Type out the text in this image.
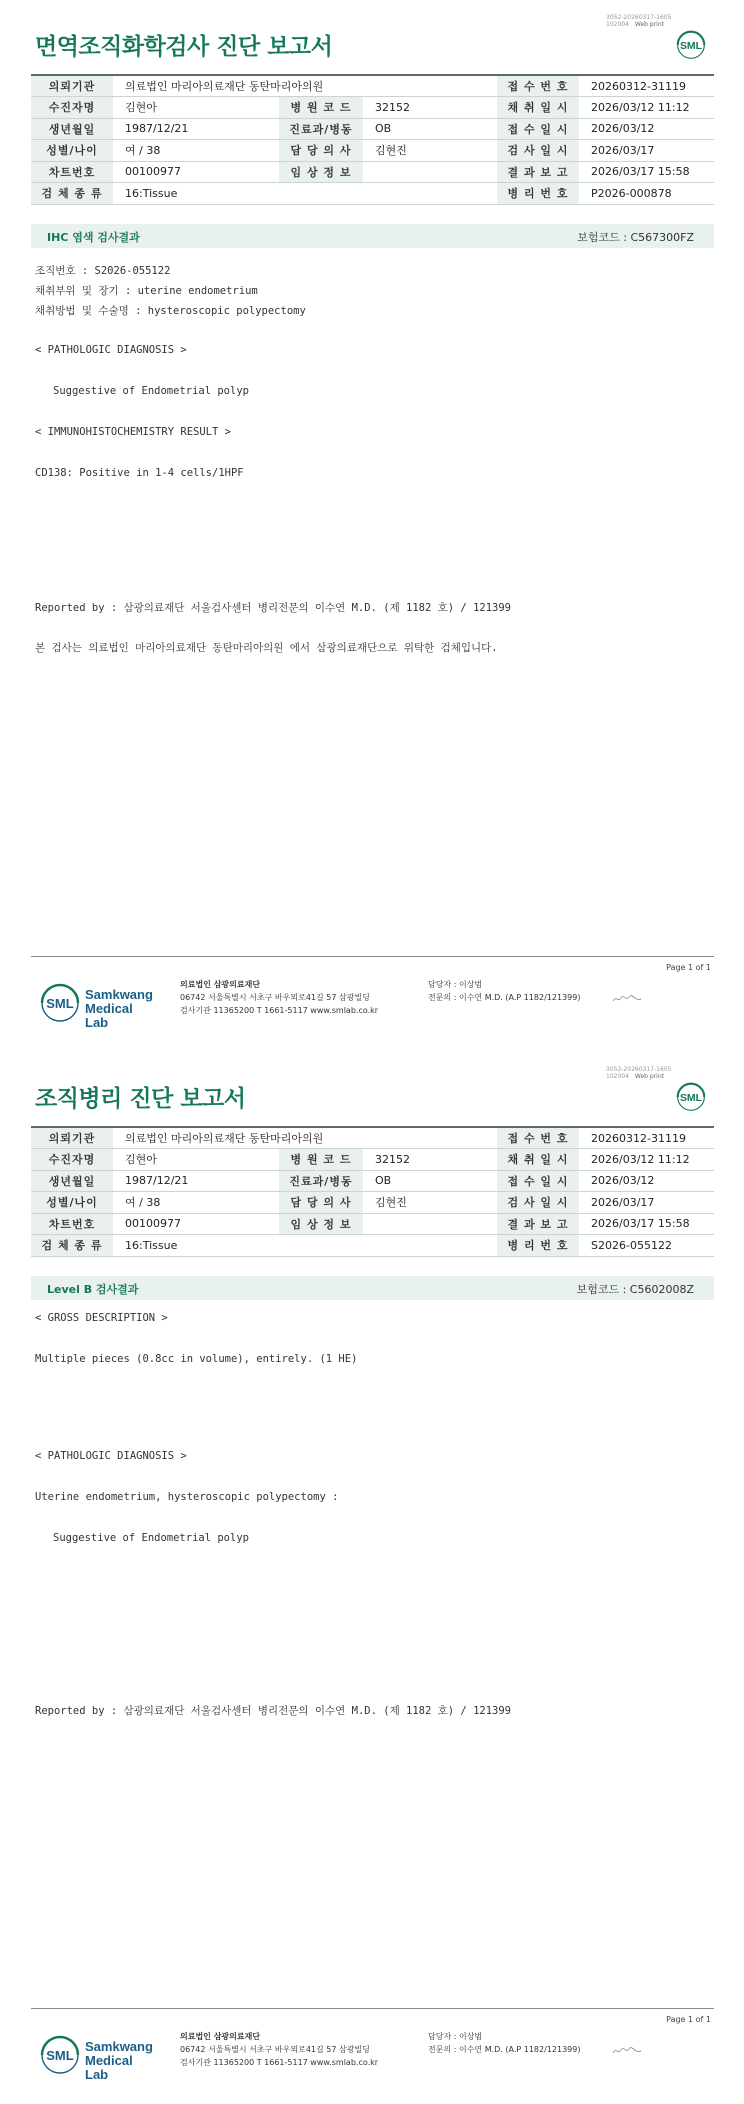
3052-20260317-1605
102004 Web print
면역조직화학검사 진단 보고서	SML
의뢰기관	의료법인 마리아의료재단 동탄마리아의원			접 수 번 호	20260312-31119
수진자명	김현아	병 원 코 드	32152	채 취 일 시	2026/03/12 11:12
생년월일	1987/12/21	진료과/병동	OB	접 수 일 시	2026/03/12
성별/나이	여 / 38	담 당 의 사	김현진	검 사 일 시	2026/03/17
차트번호	00100977	임 상 정 보		결 과 보 고	2026/03/17 15:58
검 체 종 류	16:Tissue			병 리 번 호	P2026-000878
IHC 염색 검사결과	보험코드 : C567300FZ
조직번호 : S2026-055122
채취부위 및 장기 : uterine endometrium
채취방법 및 수술명 : hysteroscopic polypectomy
< PATHOLOGIC DIAGNOSIS >
Suggestive of Endometrial polyp
< IMMUNOHISTOCHEMISTRY RESULT >
CD138: Positive in 1-4 cells/1HPF
Reported by : 삼광의료재단 서울검사센터 병리전문의 이수연 M.D. (제 1182 호) / 121399
본 검사는 의료법인 마리아의료재단 동탄마리아의원 에서 삼광의료재단으로 위탁한 검체입니다.
Page 1 of 1
SML
Samkwang
Medical Lab
의료법인 삼광의료재단
06742 서울특별시 서초구 바우뫼로41길 57 삼광빌딩
검사기관 11365200 T 1661-5117 www.smlab.co.kr
담당자 : 이상범
전문의 : 이수연 M.D. (A.P 1182/121399)
3052-20260317-1605
102004 Web print
조직병리 진단 보고서	SML
의뢰기관	의료법인 마리아의료재단 동탄마리아의원			접 수 번 호	20260312-31119
수진자명	김현아	병 원 코 드	32152	채 취 일 시	2026/03/12 11:12
생년월일	1987/12/21	진료과/병동	OB	접 수 일 시	2026/03/12
성별/나이	여 / 38	담 당 의 사	김현진	검 사 일 시	2026/03/17
차트번호	00100977	임 상 정 보		결 과 보 고	2026/03/17 15:58
검 체 종 류	16:Tissue			병 리 번 호	S2026-055122
Level B 검사결과	보험코드 : C5602008Z
< GROSS DESCRIPTION >
Multiple pieces (0.8cc in volume), entirely. (1 HE)
< PATHOLOGIC DIAGNOSIS >
Uterine endometrium, hysteroscopic polypectomy :
Suggestive of Endometrial polyp
Reported by : 삼광의료재단 서울검사센터 병리전문의 이수연 M.D. (제 1182 호) / 121399
Page 1 of 1
SML
Samkwang
Medical Lab
의료법인 삼광의료재단
06742 서울특별시 서초구 바우뫼로41길 57 삼광빌딩
검사기관 11365200 T 1661-5117 www.smlab.co.kr
담당자 : 이상범
전문의 : 이수연 M.D. (A.P 1182/121399)
